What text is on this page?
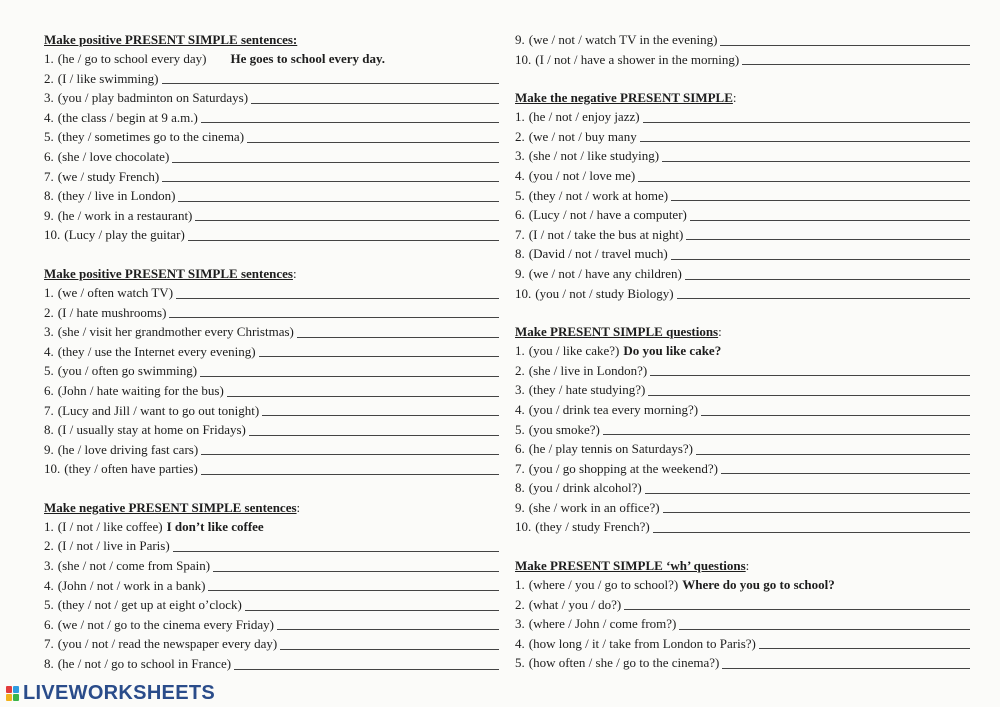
Make positive PRESENT SIMPLE sentences:
1. (he / go to school every day) He goes to school every day.
2. (I / like swimming)
3. (you / play badminton on Saturdays)
4. (the class / begin at 9 a.m.)
5. (they / sometimes go to the cinema)
6. (she / love chocolate)
7. (we / study French)
8. (they / live in London)
9. (he / work in a restaurant)
10. (Lucy / play the guitar)
Make positive PRESENT SIMPLE sentences:
1. (we / often watch TV)
2. (I / hate mushrooms)
3. (she / visit her grandmother every Christmas)
4. (they / use the Internet every evening)
5. (you / often go swimming)
6. (John / hate waiting for the bus)
7. (Lucy and Jill / want to go out tonight)
8. (I / usually stay at home on Fridays)
9. (he / love driving fast cars)
10. (they / often have parties)
Make negative PRESENT SIMPLE sentences:
1. (I / not / like coffee) I don’t like coffee
2. (I / not / live in Paris)
3. (she / not / come from Spain)
4. (John / not / work in a bank)
5. (they / not / get up at eight o’clock)
6. (we / not / go to the cinema every Friday)
7. (you / not / read the newspaper every day)
8. (he / not / go to school in France)
9. (we / not / watch TV in the evening)
10. (I / not / have a shower in the morning)
Make the negative PRESENT SIMPLE:
1. (he / not / enjoy jazz)
2. (we / not / buy many
3. (she / not / like studying)
4. (you / not / love me)
5. (they / not / work at home)
6. (Lucy / not / have a computer)
7. (I / not / take the bus at night)
8. (David / not / travel much)
9. (we / not / have any children)
10. (you / not / study Biology)
Make PRESENT SIMPLE questions:
1. (you / like cake?) Do you like cake?
2. (she / live in London?)
3. (they / hate studying?)
4. (you / drink tea every morning?)
5. (you smoke?)
6. (he / play tennis on Saturdays?)
7. (you / go shopping at the weekend?)
8. (you / drink alcohol?)
9. (she / work in an office?)
10. (they / study French?)
Make PRESENT SIMPLE ‘wh’ questions:
1. (where / you / go to school?) Where do you go to school?
2. (what / you / do?)
3. (where / John / come from?)
4. (how long / it / take from London to Paris?)
5. (how often / she / go to the cinema?)
LIVEWORKSHEETS
